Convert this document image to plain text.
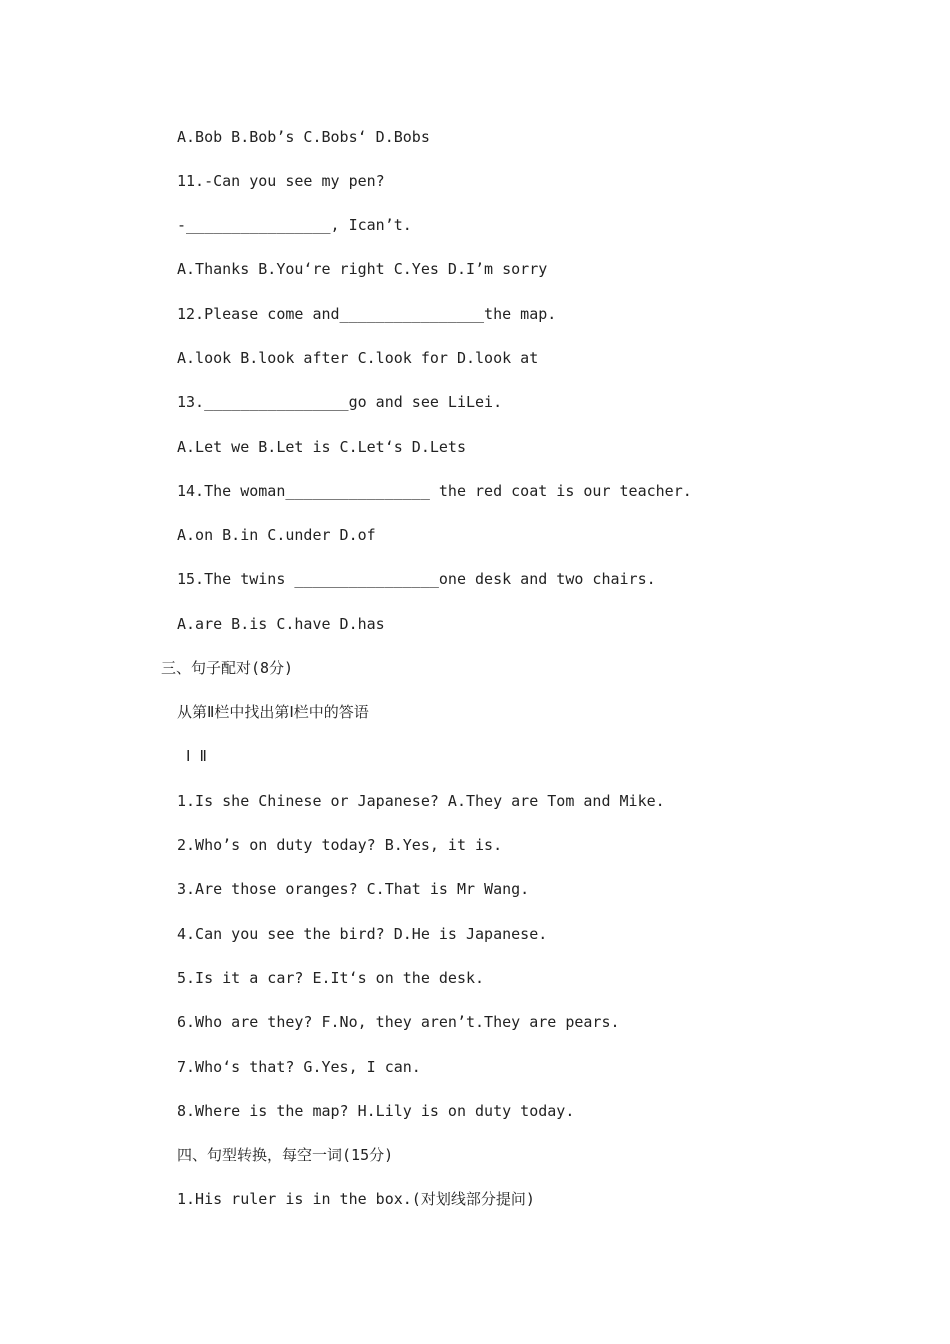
A.Bob B.Bob’s C.Bobs‘ D.Bobs
11.-Can you see my pen?
-________________, Ican’t.
A.Thanks B.You‘re right C.Yes D.I’m sorry
12.Please come and________________the map.
A.look B.look after C.look for D.look at
13.________________go and see LiLei.
A.Let we B.Let is C.Let‘s D.Lets
14.The woman________________ the red coat is our teacher.
A.on B.in C.under D.of
15.The twins ________________one desk and two chairs.
A.are B.is C.have D.has
三、句子配对(8分)
从第Ⅱ栏中找出第Ⅰ栏中的答语
Ⅰ Ⅱ
1.Is she Chinese or Japanese? A.They are Tom and Mike.
2.Who’s on duty today? B.Yes, it is.
3.Are those oranges? C.That is Mr Wang.
4.Can you see the bird? D.He is Japanese.
5.Is it a car? E.It‘s on the desk.
6.Who are they? F.No, they aren’t.They are pears.
7.Who‘s that? G.Yes, I can.
8.Where is the map? H.Lily is on duty today.
四、句型转换，每空一词(15分)
1.His ruler is in the box.(对划线部分提问)
